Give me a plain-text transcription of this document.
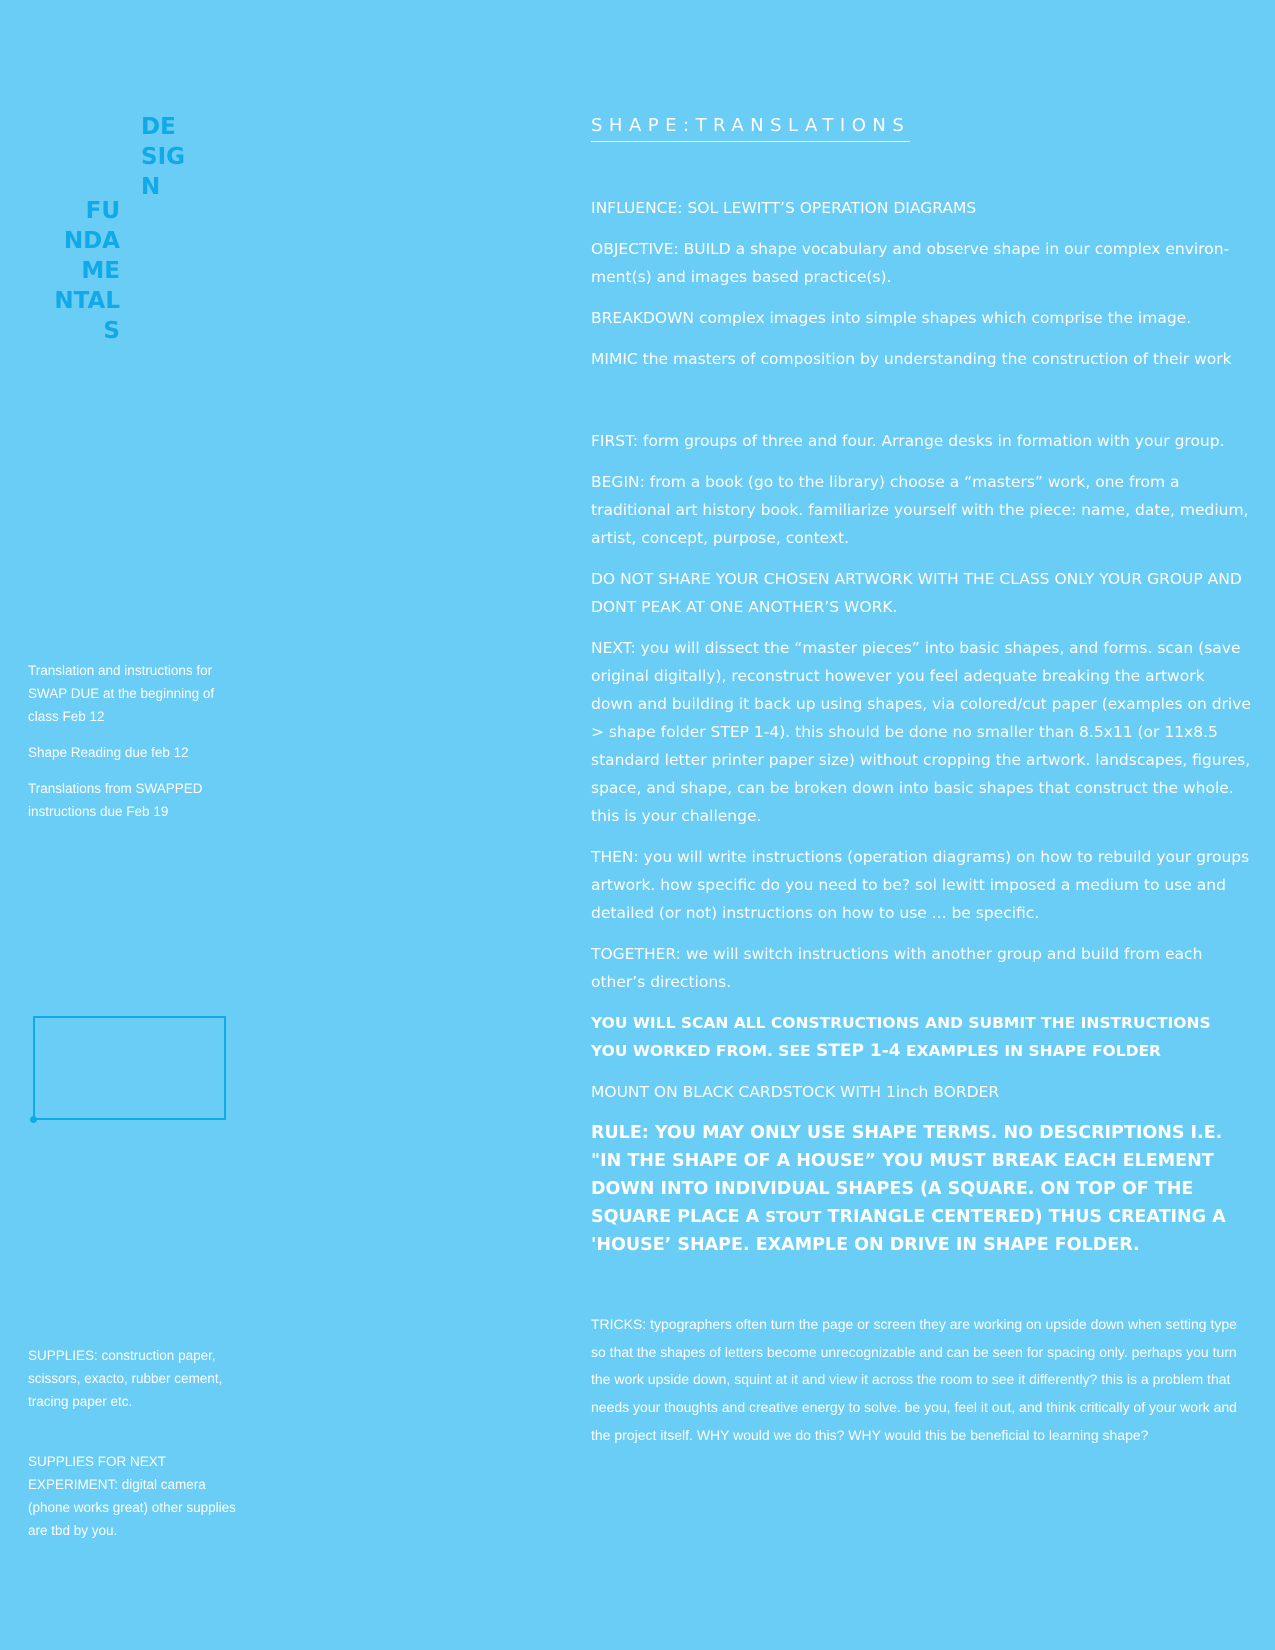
DE
SIG
N
FU
NDA
ME
NTAL
S

Translation and instructions for SWAP DUE at the beginning of class Feb 12

Shape Reading due feb 12

Translations from SWAPPED instructions due Feb 19

SUPPLIES: construction paper, scissors, exacto, rubber cement, tracing paper etc.

SUPPLIES FOR NEXT EXPERIMENT: digital camera (phone works great) other supplies are tbd by you.

SHAPE:TRANSLATIONS

INFLUENCE: SOL LEWITT’S OPERATION DIAGRAMS

OBJECTIVE: BUILD a shape vocabulary and observe shape in our complex environ-ment(s) and images based practice(s).

BREAKDOWN complex images into simple shapes which comprise the image.

MIMIC the masters of composition by understanding the construction of their work

FIRST: form groups of three and four. Arrange desks in formation with your group.

BEGIN: from a book (go to the library) choose a “masters” work, one from a traditional art history book. familiarize yourself with the piece: name, date, medium, artist, concept, purpose, context.

DO NOT SHARE YOUR CHOSEN ARTWORK WITH THE CLASS ONLY YOUR GROUP AND DONT PEAK AT ONE ANOTHER’S WORK.

NEXT: you will dissect the “master pieces” into basic shapes, and forms. scan (save original digitally), reconstruct however you feel adequate breaking the artwork down and building it back up using shapes, via colored/cut paper (examples on drive > shape folder STEP 1-4). this should be done no smaller than 8.5x11 (or 11x8.5 standard letter printer paper size) without cropping the artwork. landscapes, figures, space, and shape, can be broken down into basic shapes that construct the whole. this is your challenge.

THEN: you will write instructions (operation diagrams) on how to rebuild your groups artwork. how specific do you need to be? sol lewitt imposed a medium to use and detailed (or not) instructions on how to use ... be specific.

TOGETHER: we will switch instructions with another group and build from each other’s directions.

YOU WILL SCAN ALL CONSTRUCTIONS AND SUBMIT THE INSTRUCTIONS YOU WORKED FROM. SEE STEP 1-4 EXAMPLES IN SHAPE FOLDER

MOUNT ON BLACK CARDSTOCK WITH 1inch BORDER

RULE: YOU MAY ONLY USE SHAPE TERMS. NO DESCRIPTIONS I.E. "IN THE SHAPE OF A HOUSE” YOU MUST BREAK EACH ELEMENT DOWN INTO INDIVIDUAL SHAPES (A SQUARE. ON TOP OF THE SQUARE PLACE A STOUT TRIANGLE CENTERED) THUS CREATING A 'HOUSE’ SHAPE. EXAMPLE ON DRIVE IN SHAPE FOLDER.

TRICKS: typographers often turn the page or screen they are working on upside down when setting type so that the shapes of letters become unrecognizable and can be seen for spacing only. perhaps you turn the work upside down, squint at it and view it across the room to see it differently? this is a problem that needs your thoughts and creative energy to solve. be you, feel it out, and think critically of your work and the project itself. WHY would we do this? WHY would this be beneficial to learning shape?
